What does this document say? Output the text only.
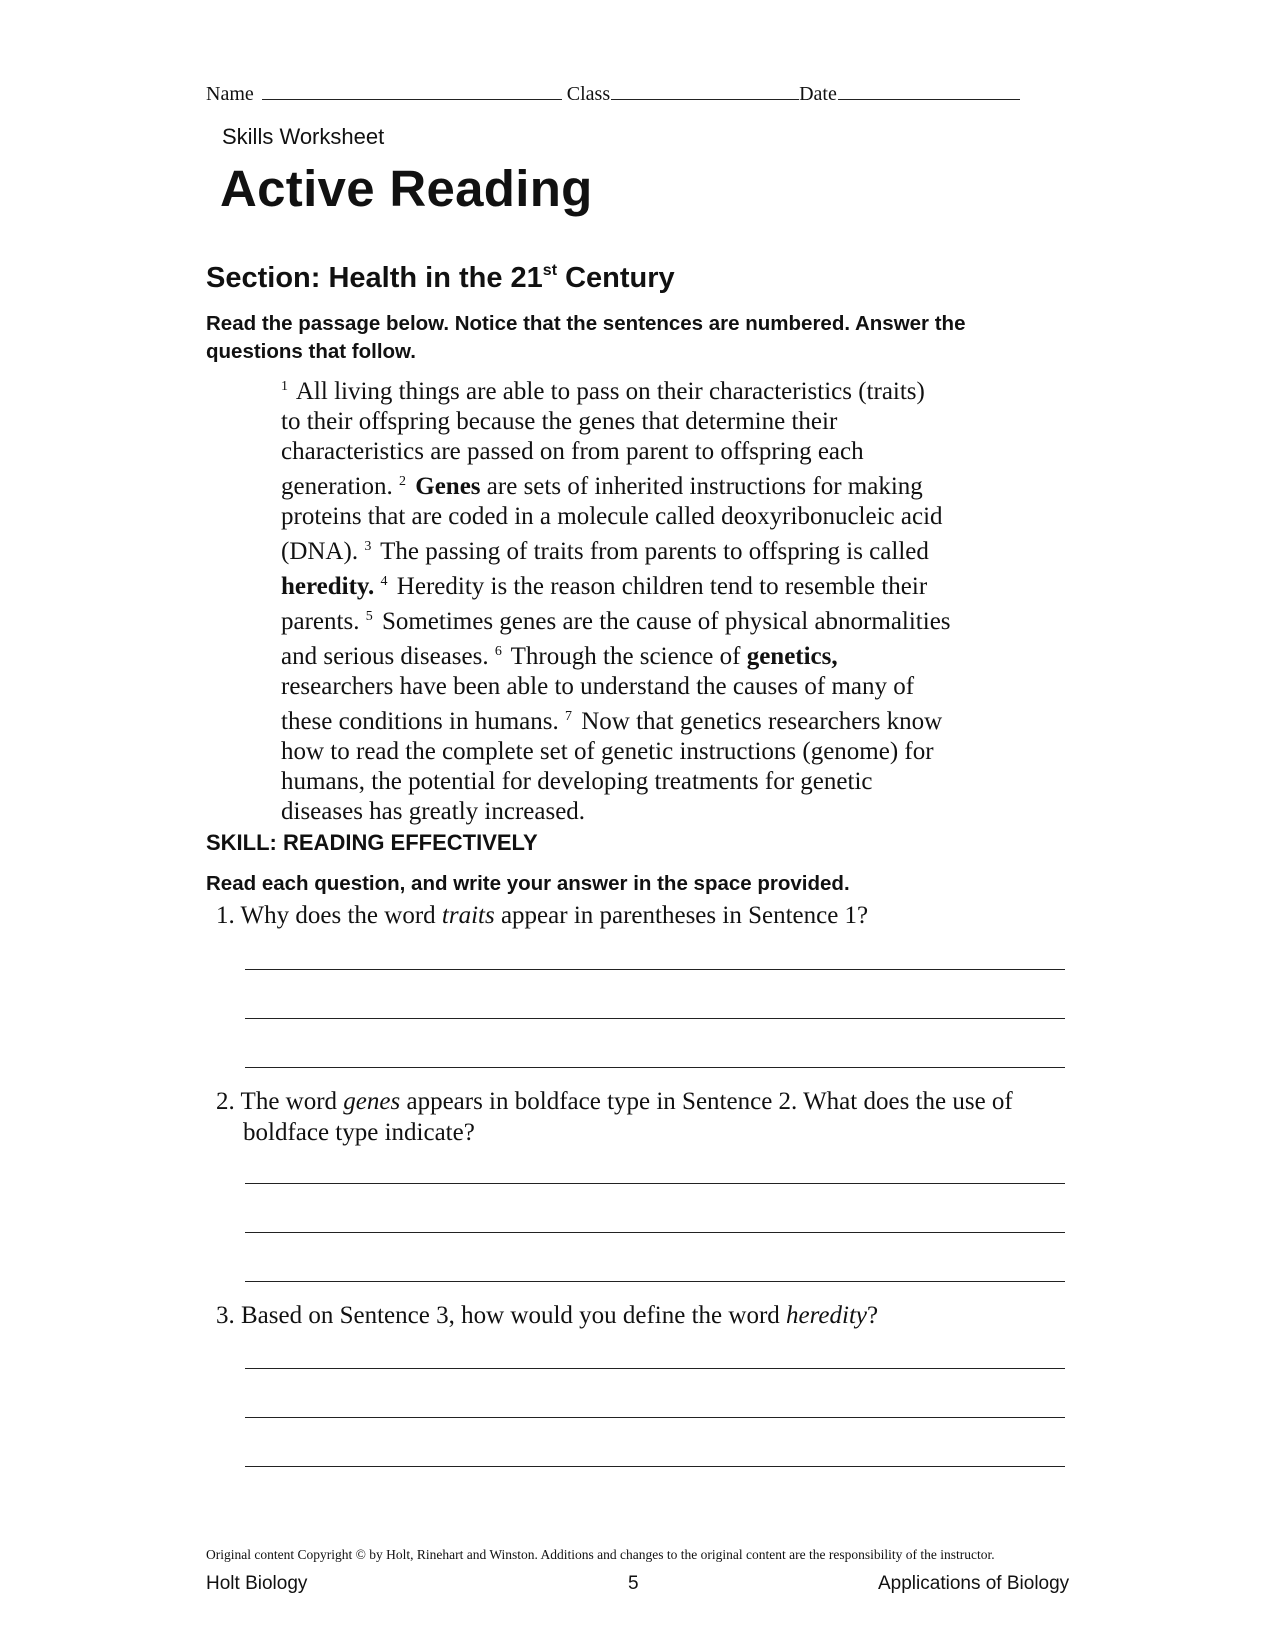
Name	Class	Date
Skills Worksheet
Active Reading
Section: Health in the 21st Century
Read the passage below. Notice that the sentences are numbered. Answer the questions that follow.
$^1$ All living things are able to pass on their characteristics (traits)
to their offspring because the genes that determine their
characteristics are passed on from parent to offspring each
generation. $^2$ Genes are sets of inherited instructions for making
proteins that are coded in a molecule called deoxyribonucleic acid
(DNA). $^3$ The passing of traits from parents to offspring is called
heredity. $^4$ Heredity is the reason children tend to resemble their
parents. $^5$ Sometimes genes are the cause of physical abnormalities
and serious diseases. $^6$ Through the science of genetics,
researchers have been able to understand the causes of many of
these conditions in humans. $^7$ Now that genetics researchers know
how to read the complete set of genetic instructions (genome) for
humans, the potential for developing treatments for genetic
diseases has greatly increased.
SKILL: READING EFFECTIVELY
Read each question, and write your answer in the space provided.
1. Why does the word traits appear in parentheses in Sentence 1?
2. The word genes appears in boldface type in Sentence 2. What does the use of
boldface type indicate?
3. Based on Sentence 3, how would you define the word heredity?
Original content Copyright © by Holt, Rinehart and Winston. Additions and changes to the original content are the responsibility of the instructor.
Holt Biology	5	Applications of Biology
